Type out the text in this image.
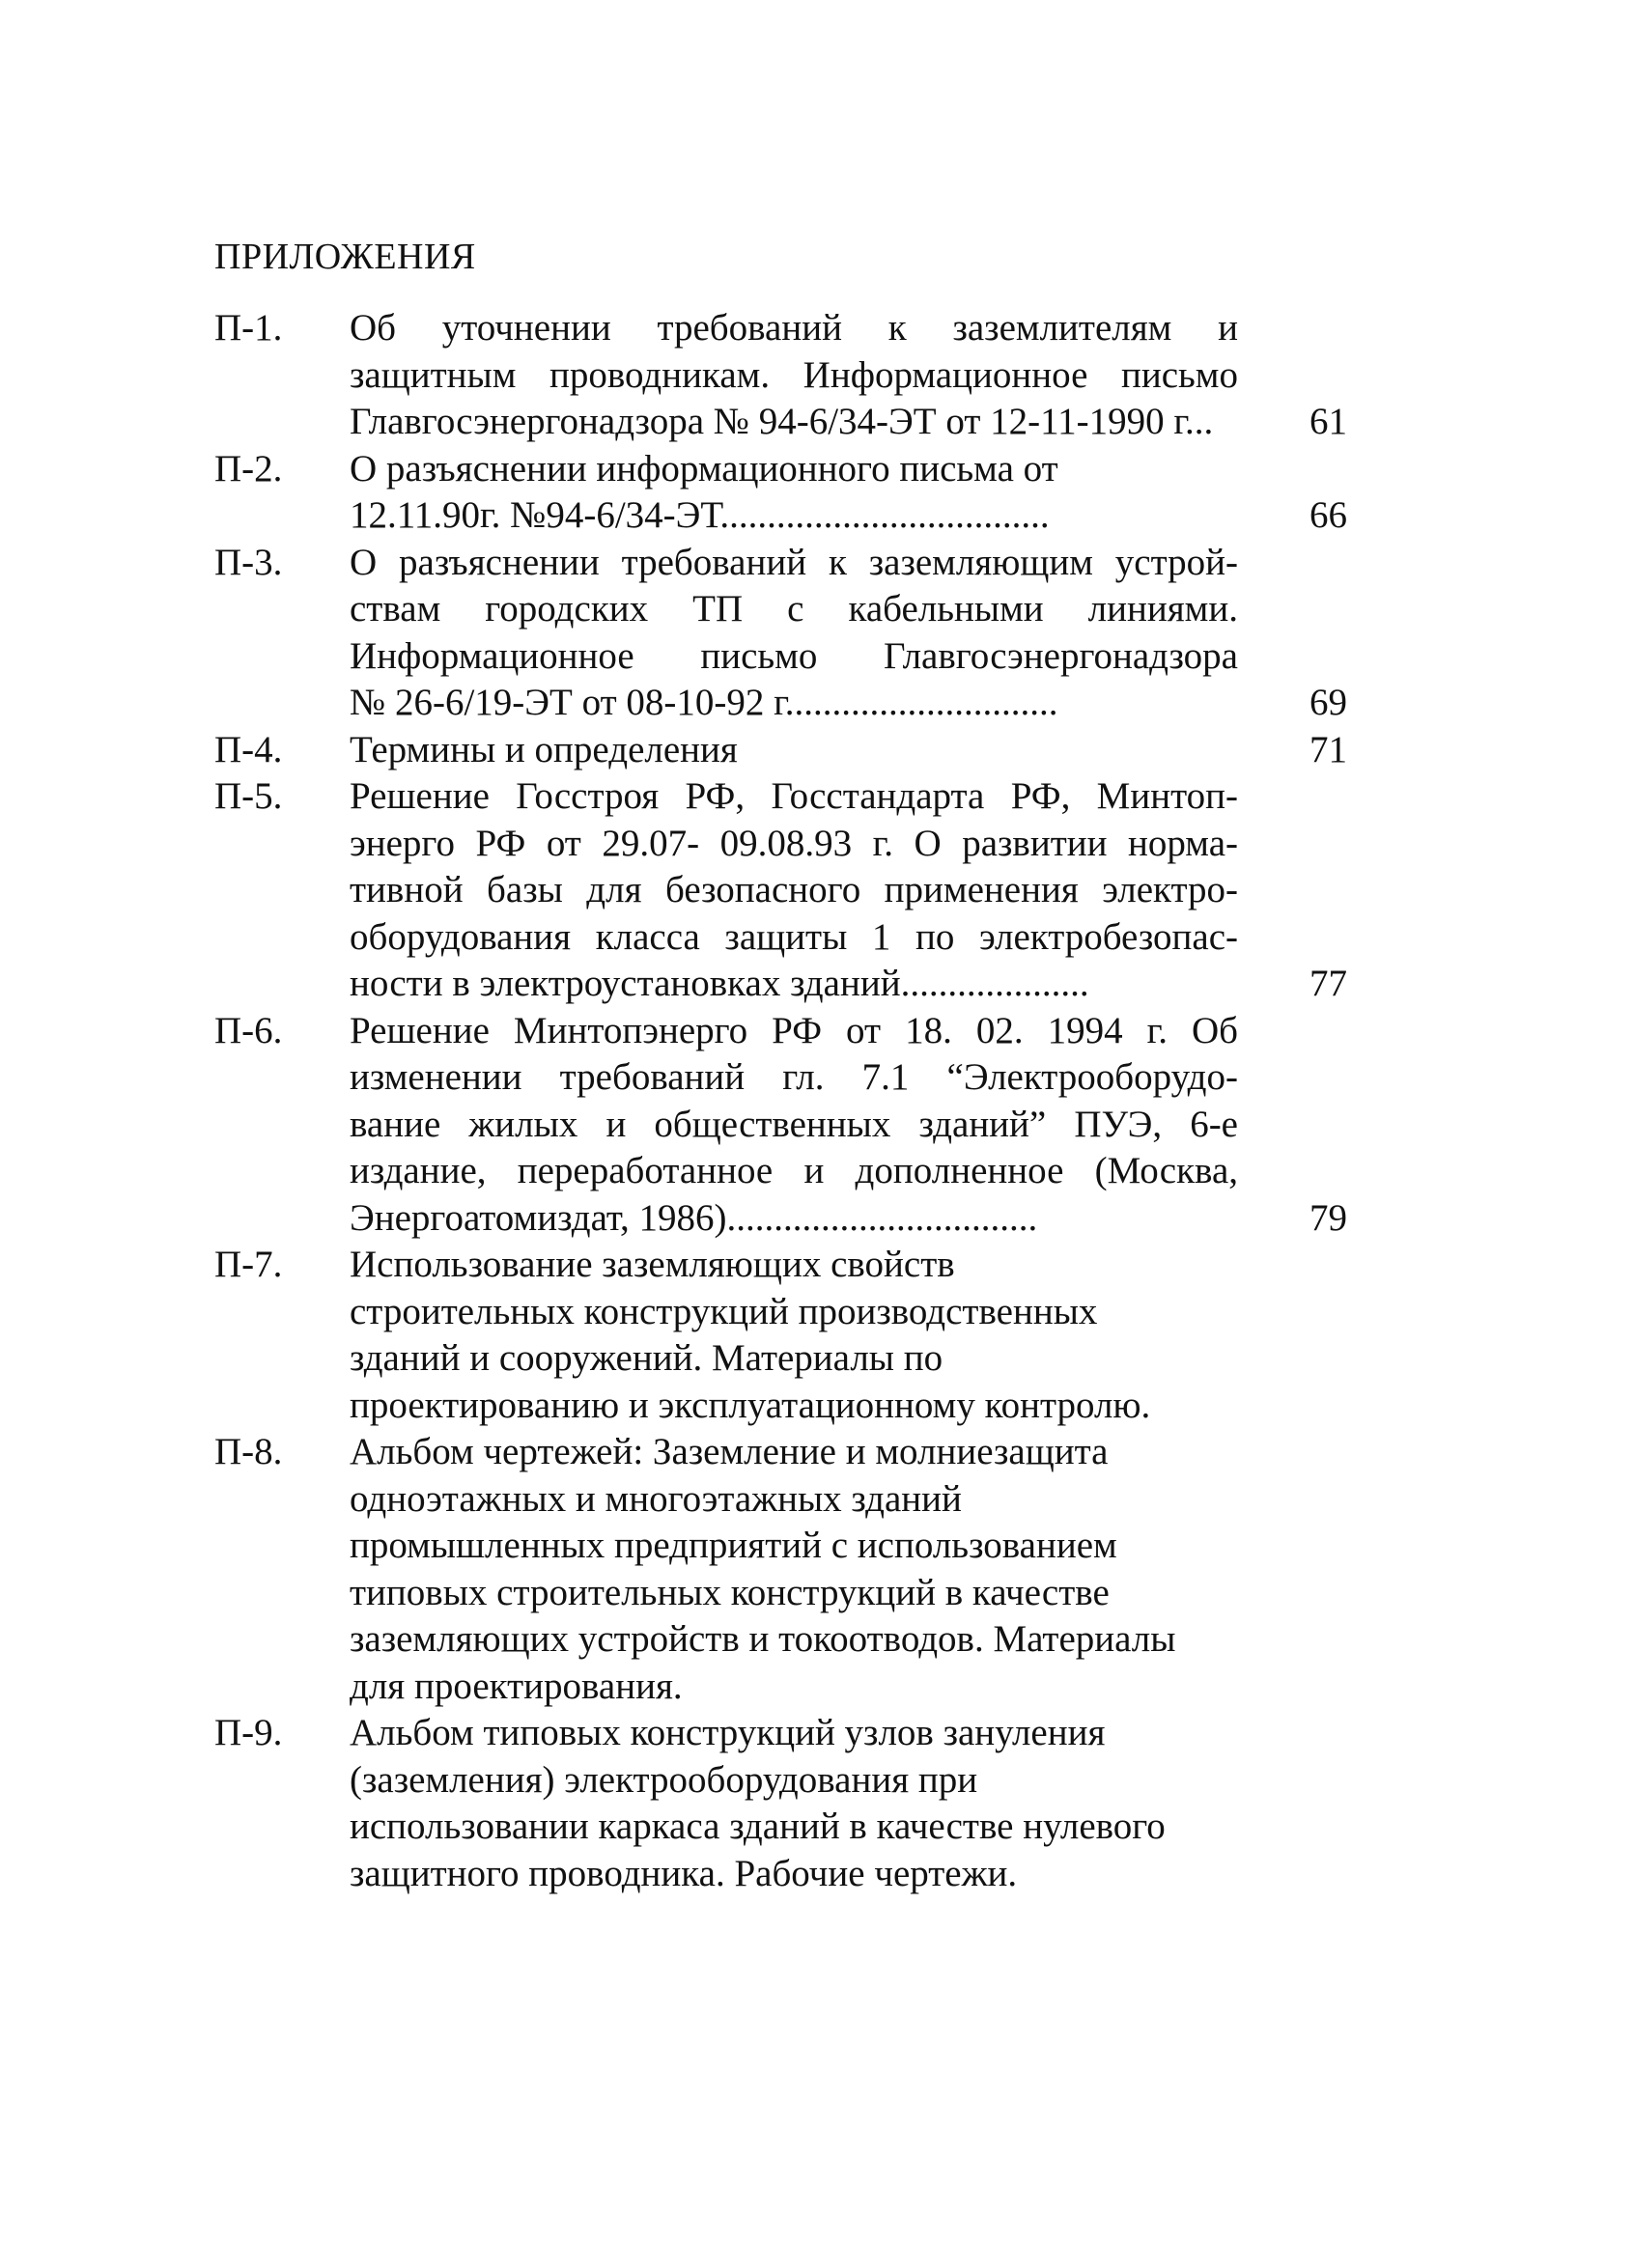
ПРИЛОЖЕНИЯ
П-1.	Об уточнении требований к заземлителям и
защитным проводникам. Информационное письмо
Главгосэнергонадзора № 94-6/34-ЭТ от 12-11-1990 г...	61
П-2.	О разъяснении информационного письма от
12.11.90г. №94-6/34-ЭТ...................................	66
П-3.	О разъяснении требований к заземляющим устрой-
ствам городских ТП с кабельными линиями.
Информационное письмо Главгосэнергонадзора
№ 26-6/19-ЭТ от 08-10-92 г.............................	69
П-4.	Термины и определения	71
П-5.	Решение Госстроя РФ, Госстандарта РФ, Минтоп-
энерго РФ от 29.07- 09.08.93 г. О развитии норма-
тивной базы для безопасного применения электро-
оборудования класса защиты 1 по электробезопас-
ности в электроустановках зданий....................	77
П-6.	Решение Минтопэнерго РФ от 18. 02. 1994 г. Об
изменении требований гл. 7.1 “Электрооборудо-
вание жилых и общественных зданий” ПУЭ, 6-е
издание, переработанное и дополненное (Москва,
Энергоатомиздат, 1986).................................	79
П-7.	Использование заземляющих свойств
строительных конструкций производственных
зданий и сооружений. Материалы по
проектированию и эксплуатационному контролю.
П-8.	Альбом чертежей: Заземление и молниезащита
одноэтажных и многоэтажных зданий
промышленных предприятий с использованием
типовых строительных конструкций в качестве
заземляющих устройств и токоотводов. Материалы
для проектирования.
П-9.	Альбом типовых конструкций узлов зануления
(заземления) электрооборудования при
использовании каркаса зданий в качестве нулевого
защитного проводника. Рабочие чертежи.
